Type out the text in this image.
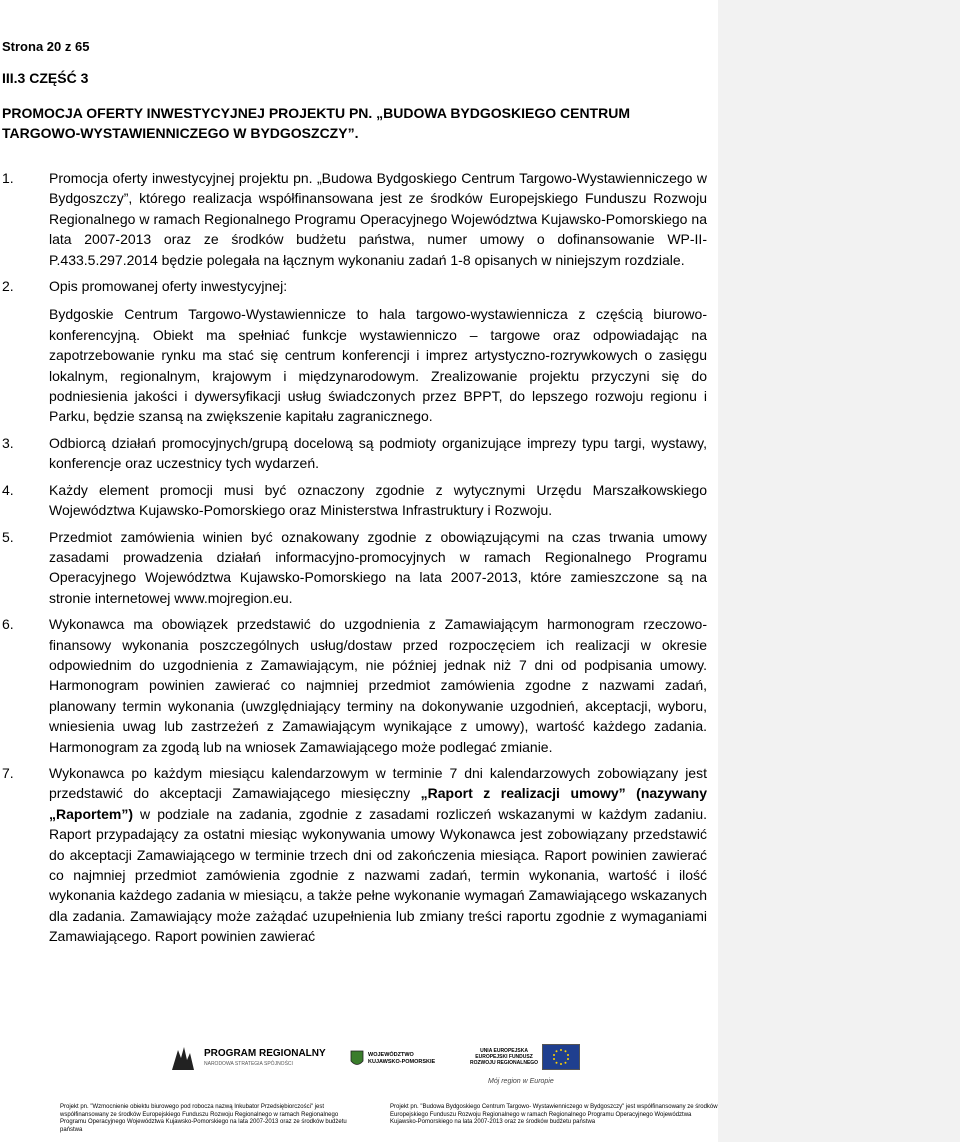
Strona 20 z 65
III.3 CZĘŚĆ 3
PROMOCJA OFERTY INWESTYCYJNEJ PROJEKTU PN. „BUDOWA BYDGOSKIEGO CENTRUM TARGOWO-WYSTAWIENNICZEGO W BYDGOSZCZY”.
1.	Promocja oferty inwestycyjnej projektu pn. „Budowa Bydgoskiego Centrum Targowo-Wystawienniczego w Bydgoszczy”, którego realizacja współfinansowana jest ze środków Europejskiego Funduszu Rozwoju Regionalnego w ramach Regionalnego Programu Operacyjnego Województwa Kujawsko-Pomorskiego na lata 2007-2013 oraz ze środków budżetu państwa, numer umowy o dofinansowanie WP-II-P.433.5.297.2014 będzie polegała na łącznym wykonaniu zadań 1-8 opisanych w niniejszym rozdziale.
2.	Opis promowanej oferty inwestycyjnej:

Bydgoskie Centrum Targowo-Wystawiennicze to hala targowo-wystawiennicza z częścią biurowo-konferencyjną. Obiekt ma spełniać funkcje wystawienniczo – targowe oraz odpowiadając na zapotrzebowanie rynku ma stać się centrum konferencji i imprez artystyczno-rozrywkowych o zasięgu lokalnym, regionalnym, krajowym i międzynarodowym. Zrealizowanie projektu przyczyni się do podniesienia jakości i dywersyfikacji usług świadczonych przez BPPT, do lepszego rozwoju regionu i Parku, będzie szansą na zwiększenie kapitału zagranicznego.

3.	Odbiorcą działań promocyjnych/grupą docelową są podmioty organizujące imprezy typu targi, wystawy, konferencje oraz uczestnicy tych wydarzeń.
4.	Każdy element promocji musi być oznaczony zgodnie z wytycznymi Urzędu Marszałkowskiego Województwa Kujawsko-Pomorskiego oraz Ministerstwa Infrastruktury i Rozwoju.
5.	Przedmiot zamówienia winien być oznakowany zgodnie z obowiązującymi na czas trwania umowy zasadami prowadzenia działań informacyjno-promocyjnych w ramach Regionalnego Programu Operacyjnego Województwa Kujawsko-Pomorskiego na lata 2007-2013, które zamieszczone są na stronie internetowej www.mojregion.eu.
6.	Wykonawca ma obowiązek przedstawić do uzgodnienia z Zamawiającym harmonogram rzeczowo-finansowy wykonania poszczególnych usług/dostaw przed rozpoczęciem ich realizacji w okresie odpowiednim do uzgodnienia z Zamawiającym, nie później jednak niż 7 dni od podpisania umowy. Harmonogram powinien zawierać co najmniej przedmiot zamówienia zgodne z nazwami zadań, planowany termin wykonania (uwzględniający terminy na dokonywanie uzgodnień, akceptacji, wyboru, wniesienia uwag lub zastrzeżeń z Zamawiającym wynikające z umowy), wartość każdego zadania. Harmonogram za zgodą lub na wniosek Zamawiającego może podlegać zmianie.
7.	Wykonawca po każdym miesiącu kalendarzowym w terminie 7 dni kalendarzowych zobowiązany jest przedstawić do akceptacji Zamawiającego miesięczny „Raport z realizacji umowy” (nazywany „Raportem”) w podziale na zadania, zgodnie z zasadami rozliczeń wskazanymi w każdym zadaniu. Raport przypadający za ostatni miesiąc wykonywania umowy Wykonawca jest zobowiązany przedstawić do akceptacji Zamawiającego w terminie trzech dni od zakończenia miesiąca. Raport powinien zawierać co najmniej przedmiot zamówienia zgodnie z nazwami zadań, termin wykonania, wartość i ilość wykonania każdego zadania w miesiącu, a także pełne wykonanie wymagań Zamawiającego wskazanych dla zadania. Zamawiający może zażądać uzupełnienia lub zmiany treści raportu zgodnie z wymaganiami Zamawiającego. Raport powinien zawierać
PROGRAM REGIONALNY
NARODOWA STRATEGIA SPÓJNOŚCI
WOJEWÓDZTWO
KUJAWSKO-POMORSKIE
UNIA EUROPEJSKA
EUROPEJSKI FUNDUSZ
ROZWOJU REGIONALNEGO
Mój region w Europie
Projekt pn. "Wzmocnienie obiektu biurowego pod robocza nazwą Inkubator Przedsiębiorczości" jest współfinansowany ze środków Europejskiego Funduszu Rozwoju Regionalnego w ramach Regionalnego Programu Operacyjnego Województwa Kujawsko-Pomorskiego na lata 2007-2013 oraz ze środków budżetu państwa
Projekt pn. "Budowa Bydgoskiego Centrum Targowo- Wystawienniczego w Bydgoszczy" jest współfinansowany ze środków Europejskiego Funduszu Rozwoju Regionalnego w ramach Regionalnego Programu Operacyjnego Województwa Kujawsko-Pomorskiego na lata 2007-2013 oraz ze środków budżetu państwa
